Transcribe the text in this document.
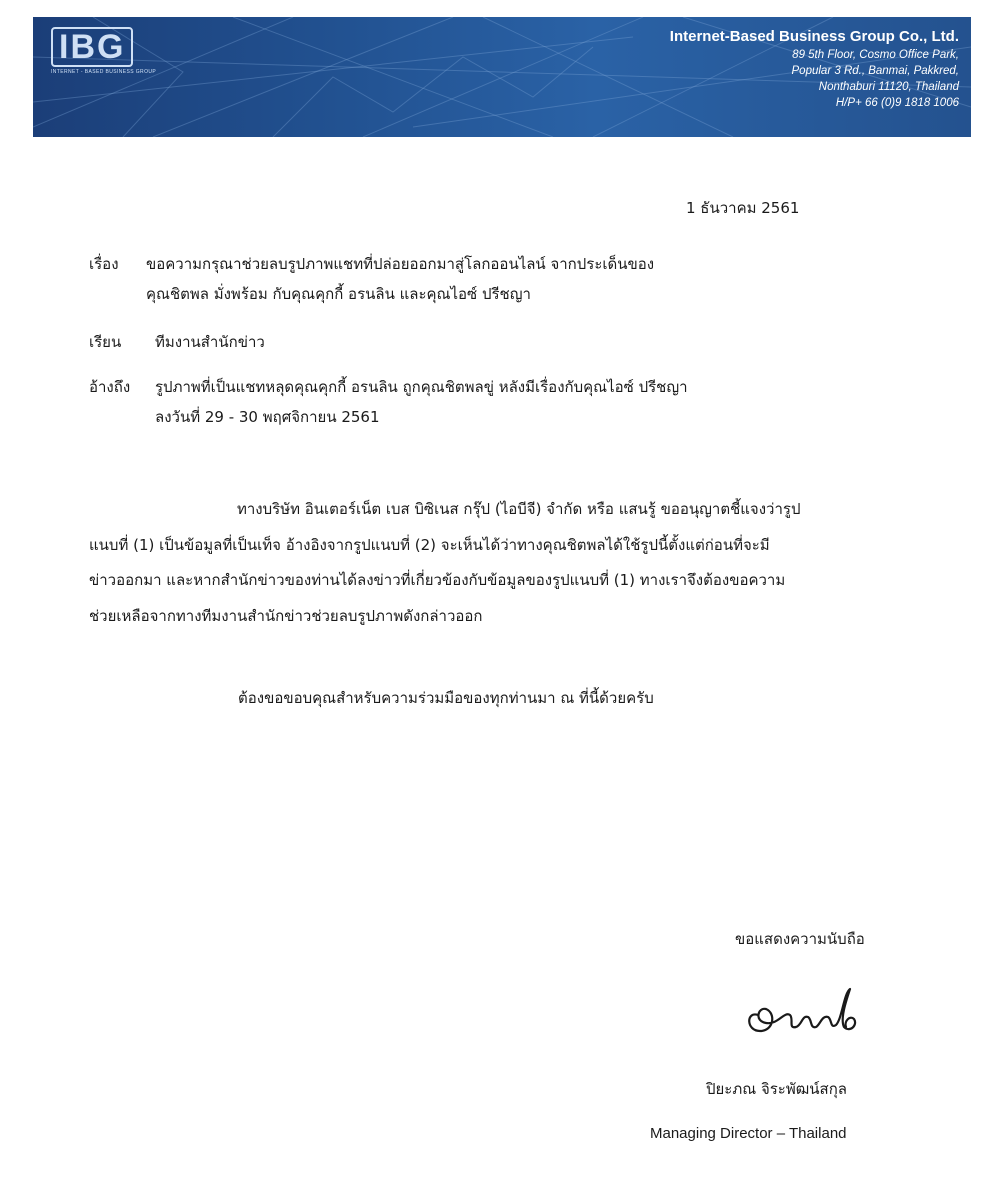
IBG
INTERNET - BASED BUSINESS GROUP
Internet-Based Business Group Co., Ltd.
89 5th Floor, Cosmo Office Park,
Popular 3 Rd., Banmai, Pakkred,
Nonthaburi 11120, Thailand
H/P+ 66 (0)9 1818 1006
1 ธันวาคม 2561
เรื่อง	ขอความกรุณาช่วยลบรูปภาพแชทที่ปล่อยออกมาสู่โลกออนไลน์ จากประเด็นของ
คุณชิตพล มั่งพร้อม กับคุณคุกกี้ อรนลิน และคุณไอซ์ ปรีชญา
เรียน	ทีมงานสำนักข่าว
อ้างถึง	รูปภาพที่เป็นแชทหลุดคุณคุกกี้ อรนลิน ถูกคุณชิตพลขู่ หลังมีเรื่องกับคุณไอซ์ ปรีชญา
ลงวันที่ 29 - 30 พฤศจิกายน 2561
ทางบริษัท อินเตอร์เน็ต เบส บิซิเนส กรุ๊ป (ไอบีจี) จำกัด หรือ แสนรู้ ขออนุญาตชี้แจงว่ารูป
แนบที่ (1) เป็นข้อมูลที่เป็นเท็จ อ้างอิงจากรูปแนบที่ (2) จะเห็นได้ว่าทางคุณชิตพลได้ใช้รูปนี้ตั้งแต่ก่อนที่จะมี
ข่าวออกมา และหากสำนักข่าวของท่านได้ลงข่าวที่เกี่ยวข้องกับข้อมูลของรูปแนบที่ (1) ทางเราจึงต้องขอความ
ช่วยเหลือจากทางทีมงานสำนักข่าวช่วยลบรูปภาพดังกล่าวออก
ต้องขอขอบคุณสำหรับความร่วมมือของทุกท่านมา ณ ที่นี้ด้วยครับ
ขอแสดงความนับถือ
ปิยะภณ จิระพัฒน์สกุล
Managing Director – Thailand
